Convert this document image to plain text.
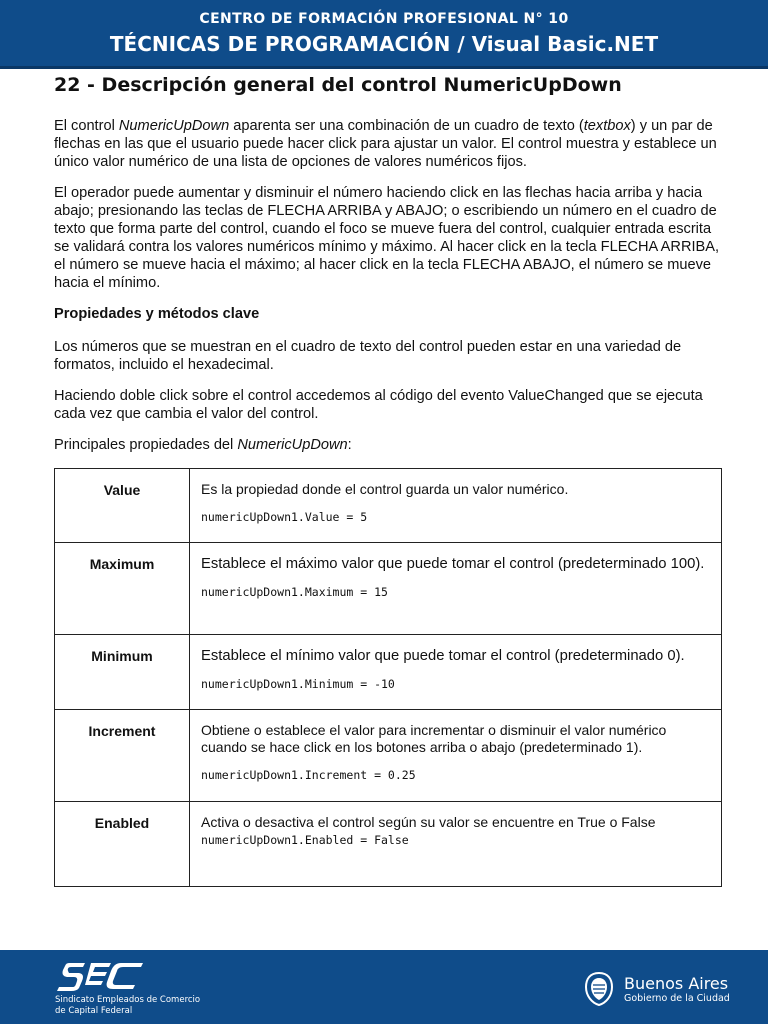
CENTRO DE FORMACIÓN PROFESIONAL N° 10
TÉCNICAS DE PROGRAMACIÓN / Visual Basic.NET
22 - Descripción general del control NumericUpDown

El control NumericUpDown aparenta ser una combinación de un cuadro de texto (textbox) y un par de flechas en las que el usuario puede hacer click para ajustar un valor. El control muestra y establece un único valor numérico de una lista de opciones de valores numéricos fijos.

El operador puede aumentar y disminuir el número haciendo click en las flechas hacia arriba y hacia abajo; presionando las teclas de FLECHA ARRIBA y ABAJO; o escribiendo un número en el cuadro de texto que forma parte del control, cuando el foco se mueve fuera del control, cualquier entrada escrita se validará contra los valores numéricos mínimo y máximo. Al hacer click en la tecla FLECHA ARRIBA, el número se mueve hacia el máximo; al hacer click en la tecla FLECHA ABAJO, el número se mueve hacia el mínimo.

Propiedades y métodos clave

Los números que se muestran en el cuadro de texto del control pueden estar en una variedad de formatos, incluido el hexadecimal.

Haciendo doble click sobre el control accedemos al código del evento ValueChanged que se ejecuta cada vez que cambia el valor del control.

Principales propiedades del NumericUpDown:

Value	Es la propiedad donde el control guarda un valor numérico.
numericUpDown1.Value = 5

Maximum	Establece el máximo valor que puede tomar el control (predeterminado 100).
numericUpDown1.Maximum = 15

Minimum	Establece el mínimo valor que puede tomar el control (predeterminado 0).
numericUpDown1.Minimum = -10

Increment	Obtiene o establece el valor para incrementar o disminuir el valor numérico cuando se hace click en los botones arriba o abajo (predeterminado 1).
numericUpDown1.Increment = 0.25

Enabled	Activa o desactiva el control según su valor se encuentre en True o False
numericUpDown1.Enabled = False
Sindicato Empleados de Comercio
de Capital Federal
Buenos Aires
Gobierno de la Ciudad
